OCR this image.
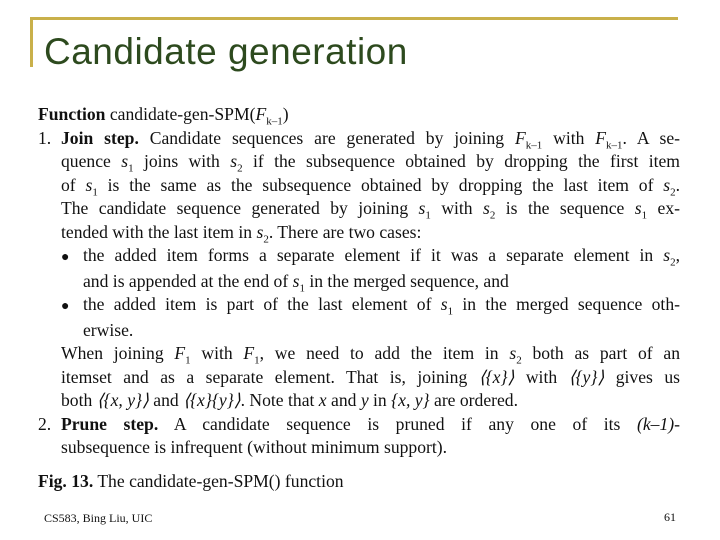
Candidate generation
Function candidate-$gen-SPM(F_{k-1})$
1. Join step. Candidate sequences are generated by joining $F_{k-1}$ with $F_{k-1}$. A se-
quence $s_1$ joins with $s_2$ if the subsequence obtained by dropping the first item
of $s_1$ is the same as the subsequence obtained by dropping the last item of $s_2$.
The candidate sequence generated by joining $s_1$ with $s_2$ is the sequence $s_1$ ex-
tended with the last item in $s_2$. There are two cases:
● the added item forms a separate element if it was a separate element in $s_2$,
and is appended at the end of $s_1$ in the merged sequence, and
● the added item is part of the last element of $s_1$ in the merged sequence oth-
erwise.
When joining $F_1$ with $F_1$, we need to add the item in $s_2$ both as part of an
itemset and as a separate element. That is, joining ⟨{x}⟩ with ⟨{y}⟩ gives us
both ⟨{x, y}⟩ and ⟨{x}{y}⟩. Note that x and y in {x, y} are ordered.
2. Prune step. A candidate sequence is pruned if any one of its (k–1)-
subsequence is infrequent (without minimum support).
Fig. 13. The candidate-gen-SPM() function
CS583, Bing Liu, UIC	61
